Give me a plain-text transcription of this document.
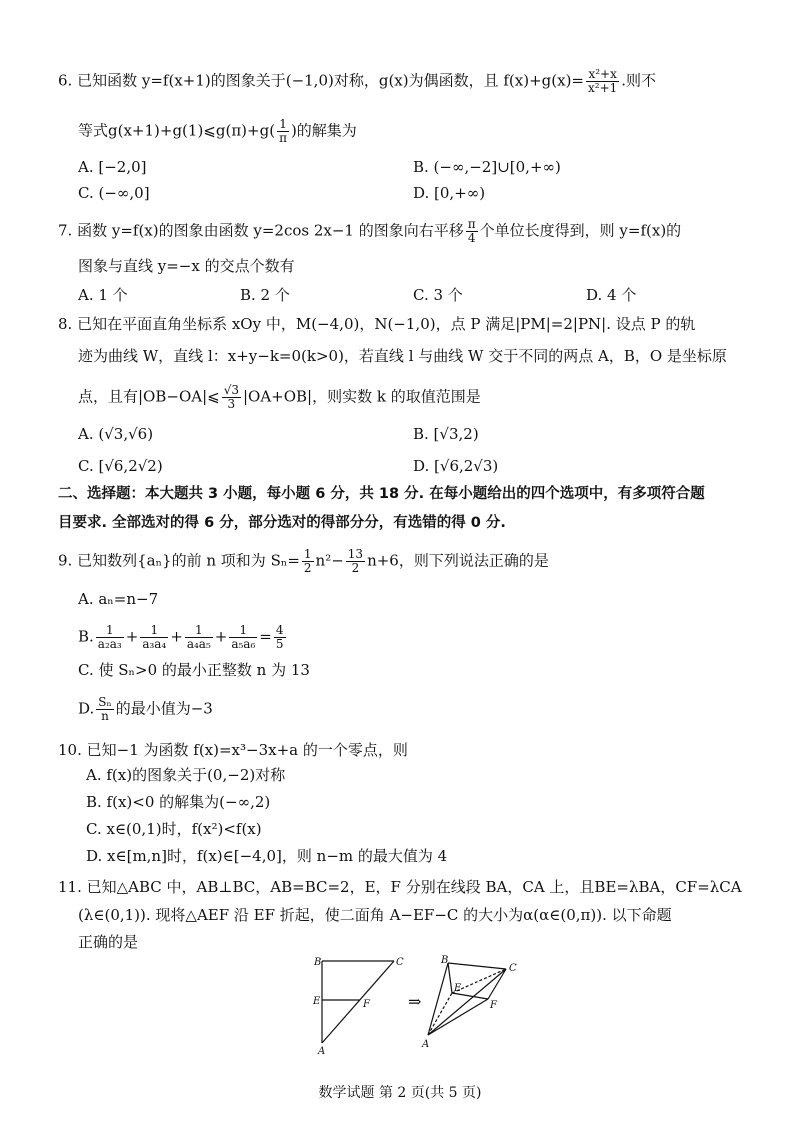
6. 已知函数 y=f(x+1)的图象关于(−1,0)对称，g(x)为偶函数，且 $f(x)+g(x)= \frac{\text{x²+x}}{\text{x²+1}}$ .则不
等式g(x+1)+g(1)⩽g(π)+g( $\frac{1}{\pi}$ )的解集为
A. [−2,0]	B. (−∞,−2]∪[0,+∞)
C. (−∞,0]	D. [0,+∞)
7. 函数 y=f(x)的图象由函数 y=2cos 2x−1 的图象向右平移 $\frac{\pi}{4}$ 个单位长度得到，则 y=f(x)的
图象与直线 y=−x 的交点个数有
A. 1 个	B. 2 个	C. 3 个	D. 4 个
8. 已知在平面直角坐标系 xOy 中，M(−4,0)，N(−1,0)，点 P 满足|PM|=2|PN|. 设点 P 的轨
迹为曲线 W，直线 l：x+y−k=0(k>0)，若直线 l 与曲线 W 交于不同的两点 A，B，O 是坐标原
点，且有|OB−OA|⩽ $\frac{√3}{3} |OA+OB|$，则实数 k 的取值范围是
A. (√3,√6)	B. [√3,2)
C. [√6,2√2)	D. [√6,2√3)
二、选择题：本大题共 3 小题，每小题 6 分，共 18 分. 在每小题给出的四个选项中，有多项符合题
目要求. 全部选对的得 6 分，部分选对的得部分分，有选错的得 0 分.
9. 已知数列{aₙ}的前 n 项和为 $S_n= \frac{1}{2} n^2- \frac{13}{2} n+6$，则下列说法正确的是
A. aₙ=n−7
B. $\frac{1}{\text{a₂a₃}} + \frac{1}{\text{a₃a₄}} + \frac{1}{\text{a₄a₅}} + \frac{1}{\text{a₅a₆}} = \frac{4}{5}$
C. 使 Sₙ>0 的最小正整数 n 为 13
D. $\frac{\text{Sₙ}}{n}$ 的最小值为−3
10. 已知−1 为函数 f(x)=x³−3x+a 的一个零点，则
A. f(x)的图象关于(0,−2)对称
B. f(x)<0 的解集为(−∞,2)
C. x∈(0,1)时，f(x²)<f(x)
D. x∈[m,n]时，f(x)∈[−4,0]，则 n−m 的最大值为 4
11. 已知△ABC 中，AB⊥BC，AB=BC=2，E，F 分别在线段 BA，CA 上，且BE=λBA，CF=λCA
(λ∈(0,1)). 现将△AEF 沿 EF 折起，使二面角 A−EF−C 的大小为α(α∈(0,π)). 以下命题
正确的是
B	C
E	F
A
⇒
B
C
E
F
A
数学试题 第 2 页(共 5 页)
